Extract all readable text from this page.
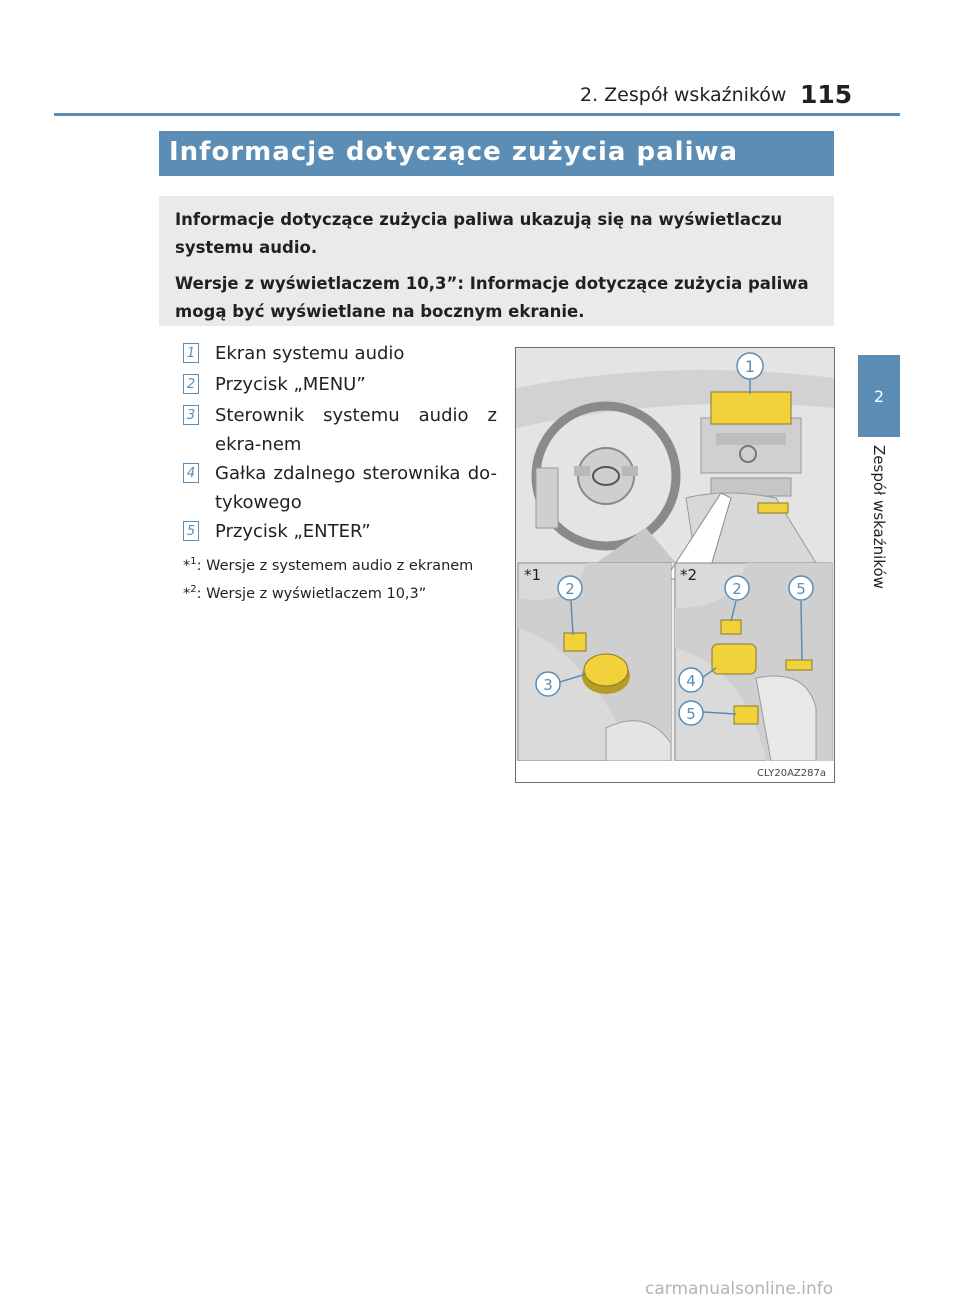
2. Zespół wskaźników 115
2
Zespół wskaźników
Informacje dotyczące zużycia paliwa

Informacje dotyczące zużycia paliwa ukazują się na wyświetlaczu systemu audio.

Wersje z wyświetlaczem 10,3”: Informacje dotyczące zużycia paliwa mogą być wyświetlane na bocznym ekranie.

1 Ekran systemu audio
2 Przycisk „MENU”
3 Sterownik systemu audio z ekra-nem
4 Gałka zdalnego sterownika do-tykowego
5 Przycisk „ENTER”
*$^1$: Wersje z systemem audio z ekranem
*$^2$: Wersje z wyświetlaczem 10,3”
1
*1
2
3
*2
2	5
4
5
CLY20AZ287a
carmanualsonline.info
